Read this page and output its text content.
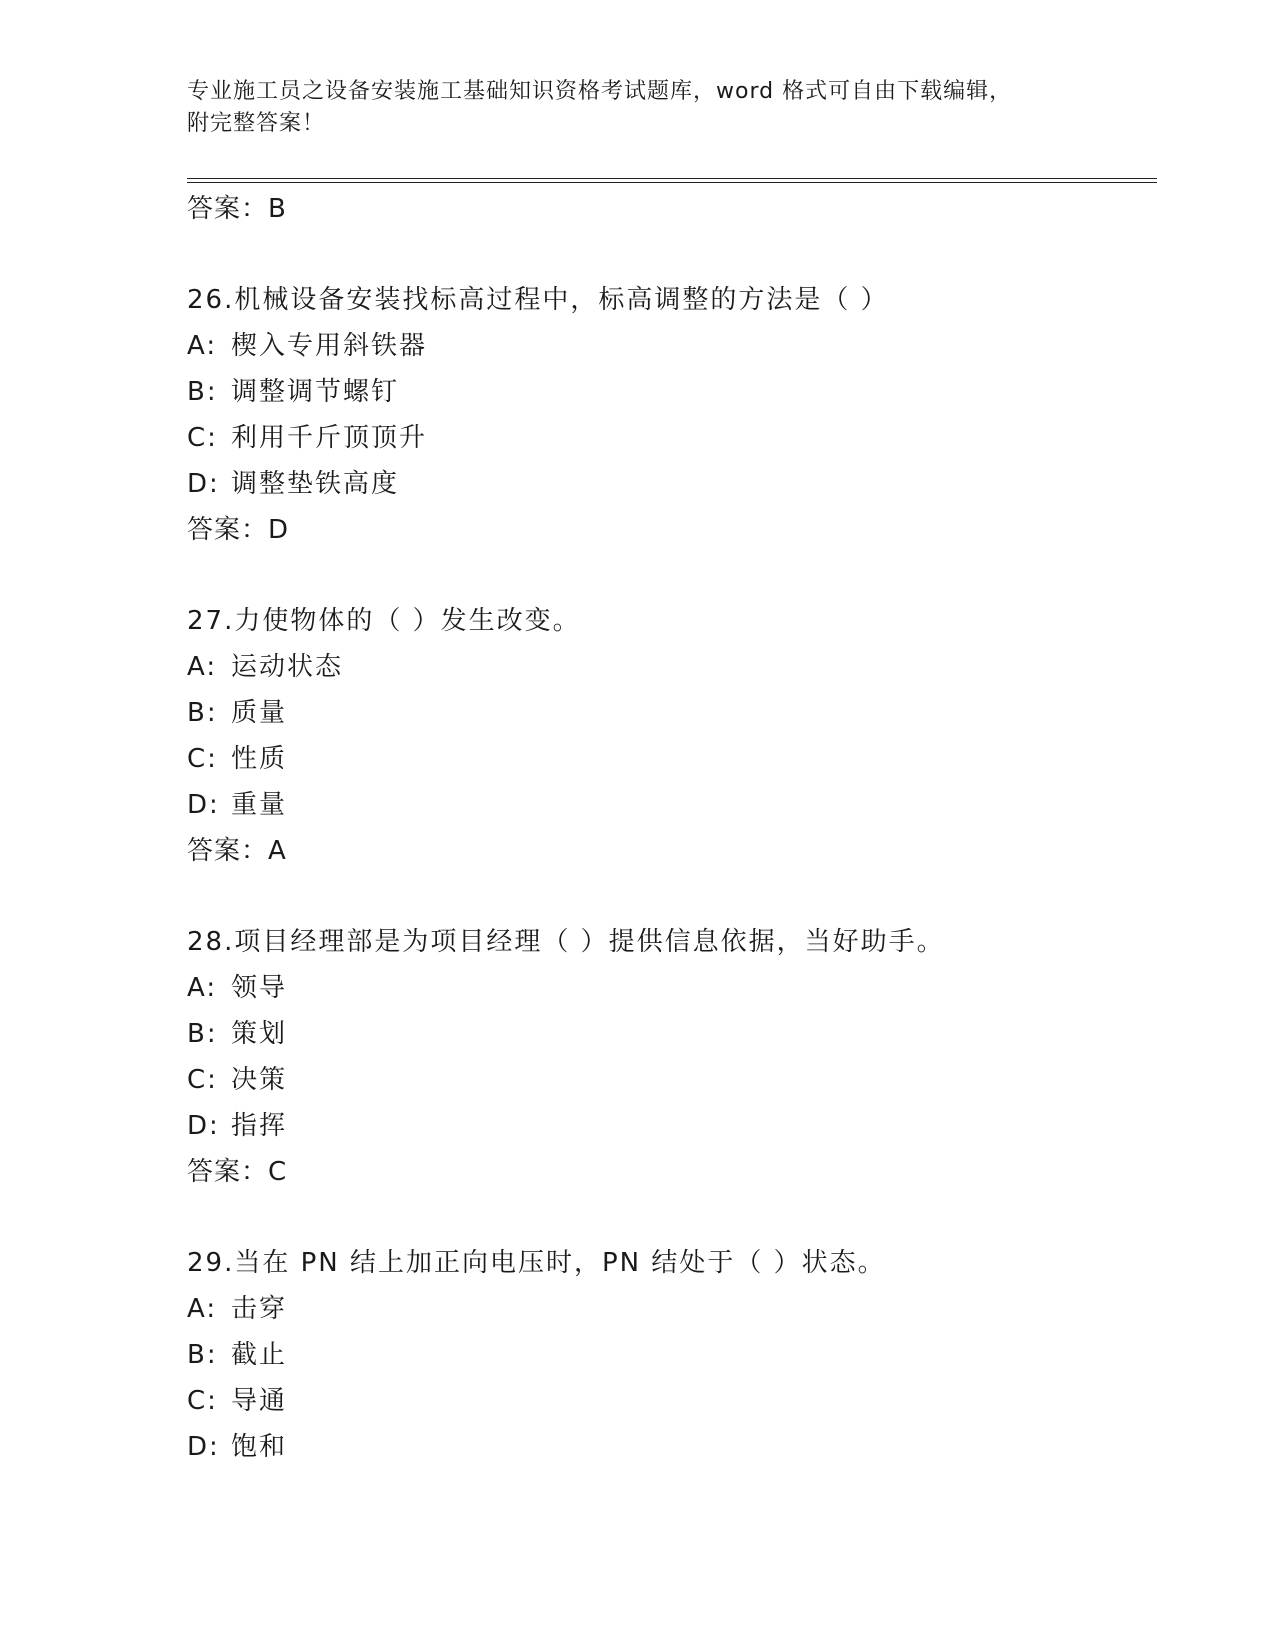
专业施工员之设备安装施工基础知识资格考试题库，word 格式可自由下载编辑，
附完整答案！
答案：B
26.机械设备安装找标高过程中，标高调整的方法是（ ）
A: 楔入专用斜铁器
B: 调整调节螺钉
C: 利用千斤顶顶升
D: 调整垫铁高度
答案：D
27.力使物体的（ ）发生改变。
A: 运动状态
B: 质量
C: 性质
D: 重量
答案：A
28.项目经理部是为项目经理（ ）提供信息依据，当好助手。
A: 领导
B: 策划
C: 决策
D: 指挥
答案：C
29.当在 PN 结上加正向电压时，PN 结处于（ ）状态。
A: 击穿
B: 截止
C: 导通
D: 饱和
